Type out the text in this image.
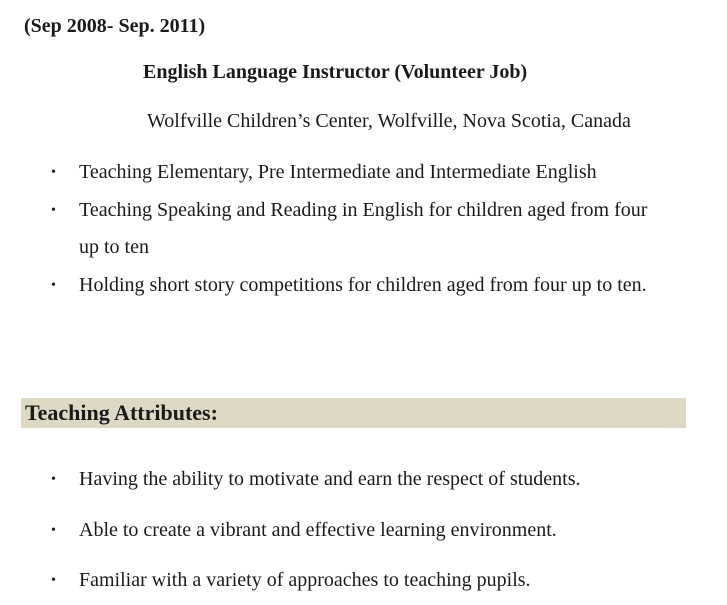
(Sep 2008- Sep. 2011)
English Language Instructor (Volunteer Job)
Wolfville Children’s Center, Wolfville, Nova Scotia, Canada
• Teaching Elementary, Pre Intermediate and Intermediate English
• Teaching Speaking and Reading in English for children aged from four up to ten
• Holding short story competitions for children aged from four up to ten.
Teaching Attributes:
• Having the ability to motivate and earn the respect of students.
• Able to create a vibrant and effective learning environment.
• Familiar with a variety of approaches to teaching pupils.
